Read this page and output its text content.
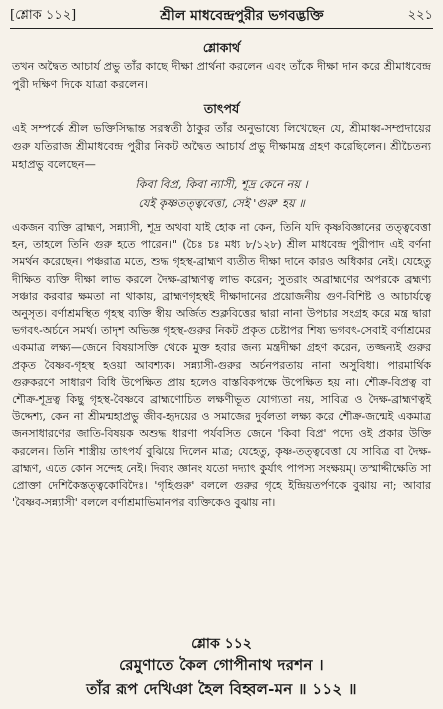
[শ্লোক ১১২]	শ্রীল মাধবেন্দ্রপুরীর ভগবদ্ভক্তি	২২১
শ্লোকার্থ
তখন অদ্বৈত আচার্য প্রভু তাঁর কাছে দীক্ষা প্রার্থনা করলেন এবং তাঁকে দীক্ষা দান করে শ্রীমাধবেন্দ্র পুরী দক্ষিণ দিকে যাত্রা করলেন।
তাৎপর্য
এই সম্পর্কে শ্রীল ভক্তিসিদ্ধান্ত সরস্বতী ঠাকুর তাঁর অনুভাষ্যে লিখেছেন যে, শ্রীমাধ্ব-সম্প্রদায়ের গুরু যতিরাজ শ্রীমাধবেন্দ্র পুরীর নিকট অদ্বৈত আচার্য প্রভু দীক্ষামন্ত্র গ্রহণ করেছিলেন। শ্রীচৈতন্য মহাপ্রভু বলেছেন—
কিবা বিপ্র, কিবা ন্যাসী, শূদ্র কেনে নয় ।
যেই কৃষ্ণতত্ত্ববেত্তা, সেই 'গুরু' হয় ॥
একজন ব্যক্তি ব্রাহ্মণ, সন্ন্যাসী, শূদ্র অথবা যাই হোক না কেন, তিনি যদি কৃষ্ণবিজ্ঞানের তত্ত্ববেত্তা হন, তাহলে তিনি গুরু হতে পারেন।" (চৈঃ চঃ মধ্য ৮/১২৮) শ্রীল মাধবেন্দ্র পুরীপাদ এই বর্ণনা সমর্থন করেছেন। পঞ্চরাত্র মতে, শুদ্ধ গৃহস্থ-ব্রাহ্মণ ব্যতীত দীক্ষা দানে কারও অধিকার নেই। যেহেতু দীক্ষিত ব্যক্তি দীক্ষা লাভ করলে দৈক্ষ-ব্রাহ্মণত্ব লাভ করেন; সুতরাং অব্রাহ্মণের অপরকে ব্রহ্মণ্য সঞ্চার করবার ক্ষমতা না থাকায়, ব্রাহ্মণগৃহস্থই দীক্ষাদানের প্রয়োজনীয় গুণ-বিশিষ্ট ও আচার্যত্বে অনুসৃত। বর্ণাশ্রমস্থিত গৃহস্থ ব্যক্তি স্বীয় অর্জিত শুক্লবিত্তের দ্বারা নানা উপচার সংগ্রহ করে মন্ত্র দ্বারা ভগবৎ-অর্চনে সমর্থ। তাদৃশ অভিজ্ঞ গৃহস্থ-গুরুর নিকট প্রকৃত চেষ্টাপর শিষ্য ভগবৎ-সেবাই বর্ণাশ্রমের একমাত্র লক্ষ্য—জেনে বিষয়াসক্তি থেকে মুক্ত হবার জন্য মন্ত্রদীক্ষা গ্রহণ করেন, তজ্জন্যই গুরুর প্রকৃত বৈষ্ণব-গৃহস্থ হওয়া আবশ্যক। সন্ন্যাসী-গুরুর অর্চনপরতায় নানা অসুবিধা। পারমার্থিক গুরুকরণে সাধারণ বিধি উপেক্ষিত প্রায় হলেও বাস্তবিকপক্ষে উপেক্ষিত হয় না। শৌক্র-বিপ্রত্ব বা শৌক্র-শূদ্রত্ব কিছু গৃহস্থ-বৈষ্ণবে ব্রাহ্মণোচিত লক্ষণীভূত যোগ্যতা নয়, সাবিত্র ও দৈক্ষ-ব্রাহ্মণত্বই উদ্দেশ্য, কেন না শ্রীমন্মহাপ্রভু জীব-হৃদয়ের ও সমাজের দুর্বলতা লক্ষ্য করে শৌক্র-জন্মেই একমাত্র জনসাধারণের জাতি-বিষয়ক অশুদ্ধ ধারণা পর্যবসিত জেনে 'কিবা বিপ্র' পদ্যে ওই প্রকার উক্তি করলেন। তিনি শাস্ত্রীয় তাৎপর্য বুঝিয়ে দিলেন মাত্র; যেহেতু, কৃষ্ণ-তত্ত্ববেত্তা যে সাবিত্র বা দৈক্ষ-ব্রাহ্মণ, এতে কোন সন্দেহ নেই। দিব্যং জ্ঞানং যতো দদ্যাৎ কুর্যাৎ পাপস্য সংক্ষয়ম্। তস্মাদ্দীক্ষেতি সা প্রোক্তা দেশিকৈস্তত্ত্বকোবিদৈঃ। 'গৃহিগুরু' বললে গুরুর গৃহে ইন্দ্রিয়তর্পণকে বুঝায় না; আবার 'বৈষ্ণব-সন্ন্যাসী' বললে বর্ণাশ্রমাভিমানপর ব্যক্তিকেও বুঝায় না।
শ্লোক ১১২
রেমুণাতে কৈল গোপীনাথ দরশন ।
তাঁর রূপ দেখিঞা হৈল বিহ্বল-মন ॥ ১১২ ॥
